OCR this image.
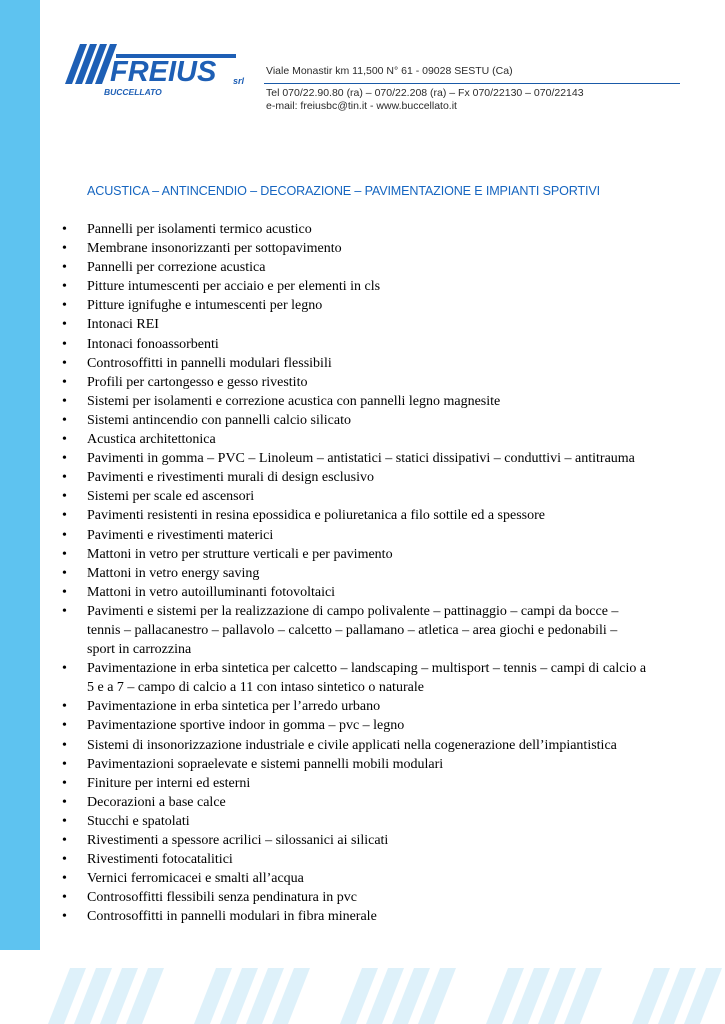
FREIUS srl
BUCCELLATO
Viale Monastir km 11,500 N° 61 - 09028 SESTU (Ca)
Tel 070/22.90.80 (ra) – 070/22.208 (ra) – Fx 070/22130 – 070/22143
e-mail: freiusbc@tin.it - www.buccellato.it
ACUSTICA – ANTINCENDIO – DECORAZIONE – PAVIMENTAZIONE E IMPIANTI SPORTIVI
• Pannelli per isolamenti termico acustico
• Membrane insonorizzanti per sottopavimento
• Pannelli per correzione acustica
• Pitture intumescenti per acciaio e per elementi in cls
• Pitture ignifughe e intumescenti per legno
• Intonaci REI
• Intonaci fonoassorbenti
• Controsoffitti in pannelli modulari flessibili
• Profili per cartongesso e gesso rivestito
• Sistemi per isolamenti e correzione acustica con pannelli legno magnesite
• Sistemi antincendio con pannelli calcio silicato
• Acustica architettonica
• Pavimenti in gomma – PVC – Linoleum – antistatici – statici dissipativi – conduttivi – antitrauma
• Pavimenti e rivestimenti murali di design esclusivo
• Sistemi per scale ed ascensori
• Pavimenti resistenti in resina epossidica e poliuretanica a filo sottile ed a spessore
• Pavimenti e rivestimenti materici
• Mattoni in vetro per strutture verticali e per pavimento
• Mattoni in vetro energy saving
• Mattoni in vetro autoilluminanti fotovoltaici
• Pavimenti e sistemi per la realizzazione di campo polivalente – pattinaggio – campi da bocce – tennis – pallacanestro – pallavolo – calcetto – pallamano – atletica – area giochi e pedonabili – sport in carrozzina
• Pavimentazione in erba sintetica per calcetto – landscaping – multisport – tennis – campi di calcio a 5 e a 7 – campo di calcio a 11 con intaso sintetico o naturale
• Pavimentazione in erba sintetica per l’arredo urbano
• Pavimentazione sportive indoor in gomma – pvc – legno
• Sistemi di insonorizzazione industriale e civile applicati nella cogenerazione dell’impiantistica
• Pavimentazioni sopraelevate e sistemi pannelli mobili modulari
• Finiture per interni ed esterni
• Decorazioni a base calce
• Stucchi e spatolati
• Rivestimenti a spessore acrilici – silossanici ai silicati
• Rivestimenti fotocatalitici
• Vernici ferromicacei e smalti all’acqua
• Controsoffitti flessibili senza pendinatura in pvc
• Controsoffitti in pannelli modulari in fibra minerale
